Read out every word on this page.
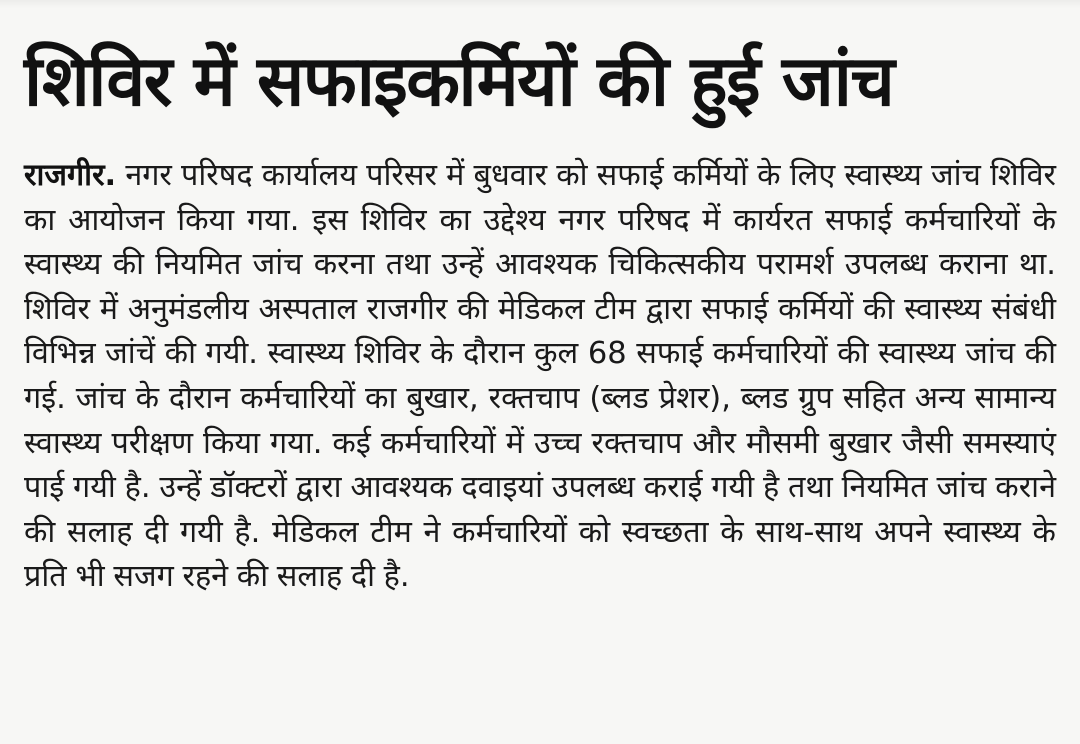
शिविर में सफाइकर्मियों की हुई जांच

राजगीर. नगर परिषद कार्यालय परिसर में बुधवार को सफाई कर्मियों के लिए स्वास्थ्य जांच शिविर का आयोजन किया गया. इस शिविर का उद्देश्य नगर परिषद में कार्यरत सफाई कर्मचारियों के स्वास्थ्य की नियमित जांच करना तथा उन्हें आवश्यक चिकित्सकीय परामर्श उपलब्ध कराना था. शिविर में अनुमंडलीय अस्पताल राजगीर की मेडिकल टीम द्वारा सफाई कर्मियों की स्वास्थ्य संबंधी विभिन्न जांचें की गयी. स्वास्थ्य शिविर के दौरान कुल 68 सफाई कर्मचारियों की स्वास्थ्य जांच की गई. जांच के दौरान कर्मचारियों का बुखार, रक्तचाप (ब्लड प्रेशर), ब्लड ग्रुप सहित अन्य सामान्य स्वास्थ्य परीक्षण किया गया. कई कर्मचारियों में उच्च रक्तचाप और मौसमी बुखार जैसी समस्याएं पाई गयी है. उन्हें डॉक्टरों द्वारा आवश्यक दवाइयां उपलब्ध कराई गयी है तथा नियमित जांच कराने की सलाह दी गयी है. मेडिकल टीम ने कर्मचारियों को स्वच्छता के साथ-साथ अपने स्वास्थ्य के प्रति भी सजग रहने की सलाह दी है.
